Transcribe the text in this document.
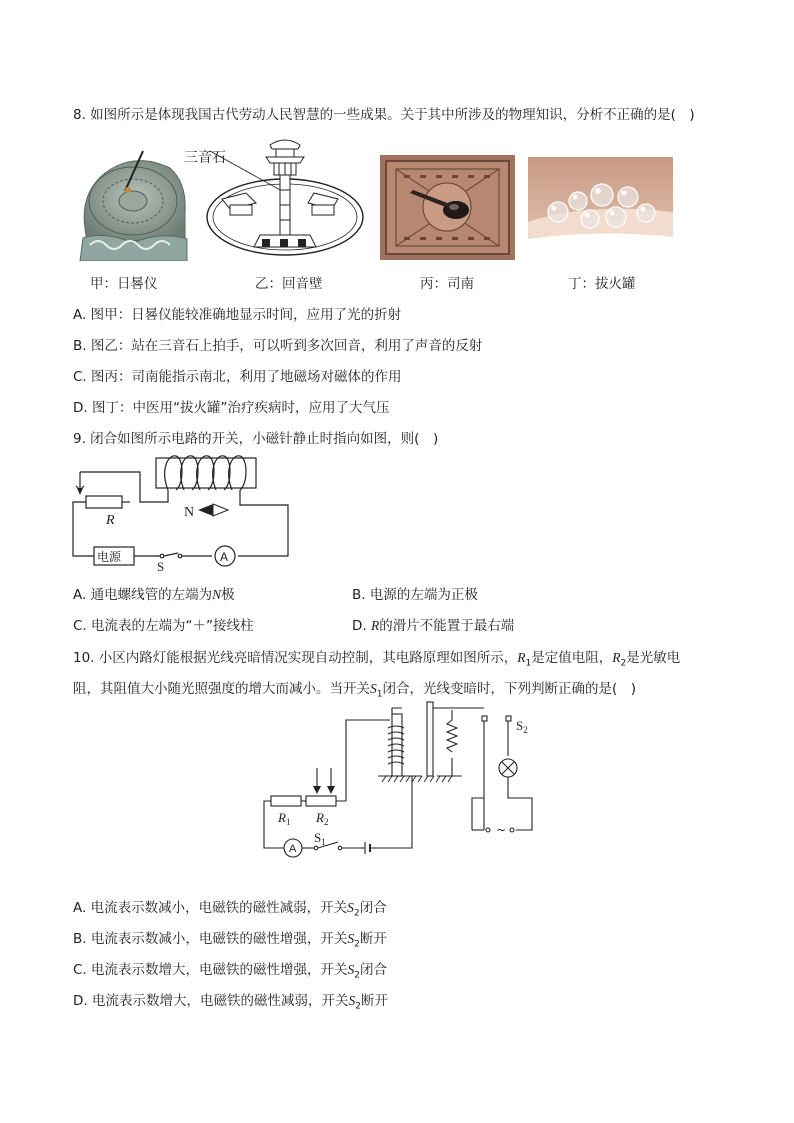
8. 如图所示是体现我国古代劳动人民智慧的一些成果。关于其中所涉及的物理知识，分析不正确的是(　)
三音石
甲：日晷仪	乙：回音壁	丙：司南	丁：拔火罐
A. 图甲：日晷仪能较准确地显示时间，应用了光的折射
B. 图乙：站在三音石上拍手，可以听到多次回音，利用了声音的反射
C. 图丙：司南能指示南北，利用了地磁场对磁体的作用
D. 图丁：中医用“拔火罐”治疗疾病时，应用了大气压
9. 闭合如图所示电路的开关，小磁针静止时指向如图，则(　)
R
N
电源
S
A
A. 通电螺线管的左端为N极	B. 电源的左端为正极
C. 电流表的左端为“＋”接线柱	D. R的滑片不能置于最右端
10. 小区内路灯能根据光线亮暗情况实现自动控制，其电路原理如图所示，$R_1$是定值电阻，$R_2$是光敏电
阻，其阻值大小随光照强度的增大而减小。当开关$S_1$闭合，光线变暗时，下列判断正确的是(　)
$R_1$ $R_2$
$S_1$
$S_2$
A
~
A. 电流表示数减小，电磁铁的磁性减弱，开关$S_2$闭合
B. 电流表示数减小，电磁铁的磁性增强，开关$S_2$断开
C. 电流表示数增大，电磁铁的磁性增强，开关$S_2$闭合
D. 电流表示数增大，电磁铁的磁性减弱，开关$S_2$断开
